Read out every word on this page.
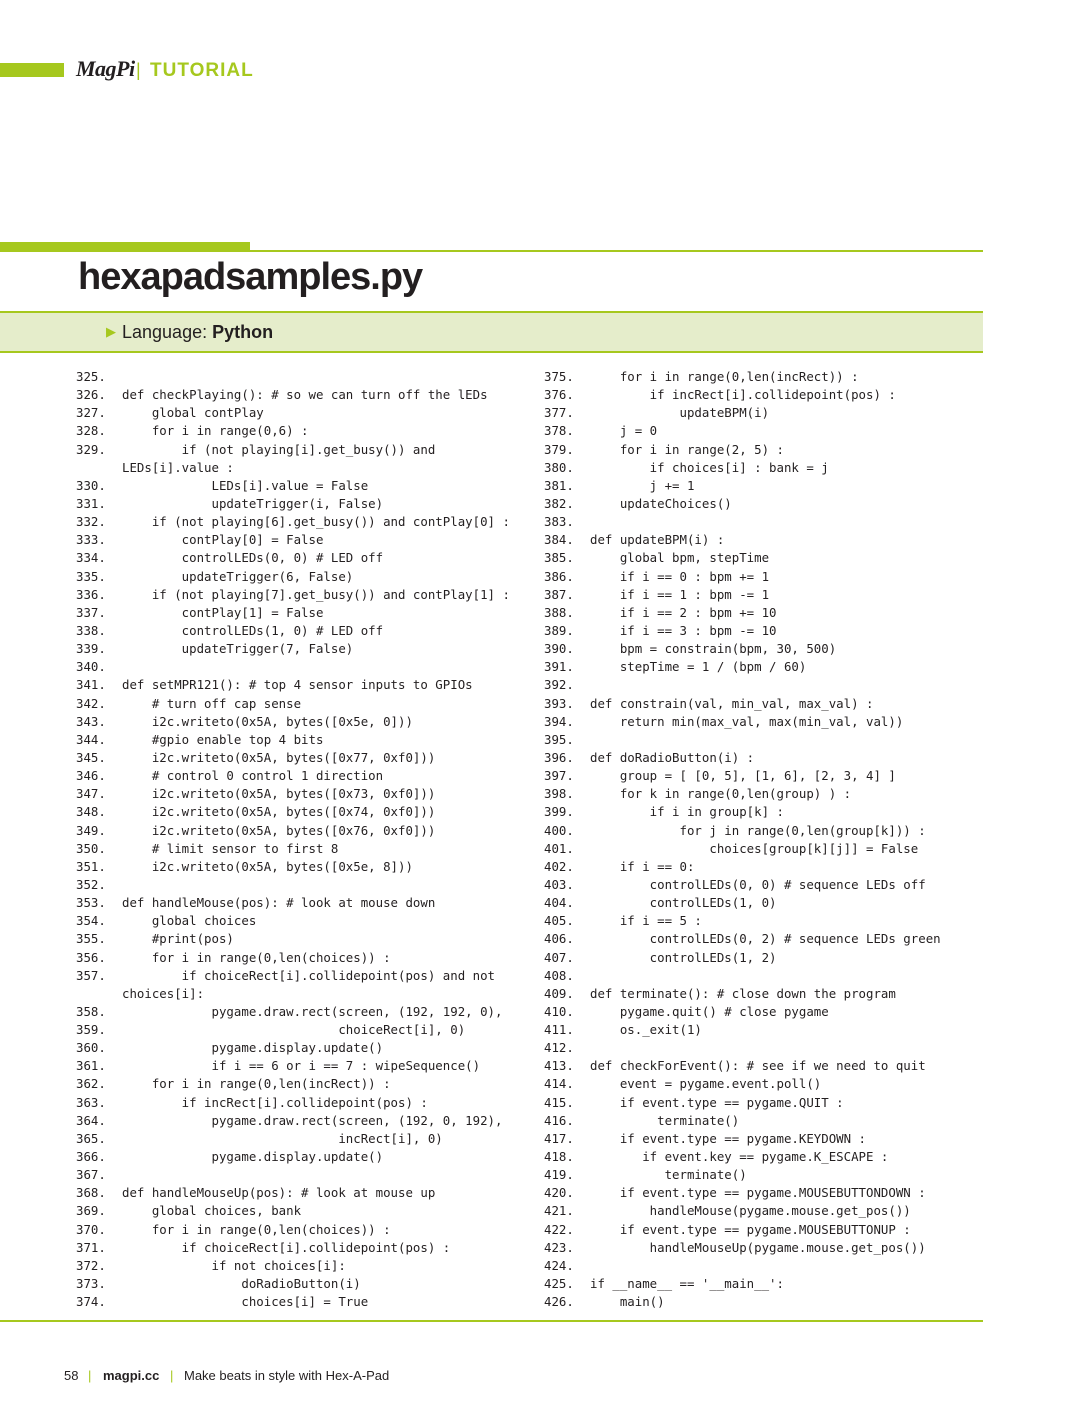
MagPi | TUTORIAL
hexapadsamples.py
▶ Language: Python
325.
326. def checkPlaying(): # so we can turn off the lEDs
327. global contPlay
328. for i in range(0,6) :
329. if (not playing[i].get_busy()) and
LEDs[i].value :
330. LEDs[i].value = False
331. updateTrigger(i, False)
332. if (not playing[6].get_busy()) and contPlay[0] :
333. contPlay[0] = False
334. controlLEDs(0, 0) # LED off
335. updateTrigger(6, False)
336. if (not playing[7].get_busy()) and contPlay[1] :
337. contPlay[1] = False
338. controlLEDs(1, 0) # LED off
339. updateTrigger(7, False)
340.
341. def setMPR121(): # top 4 sensor inputs to GPIOs
342. # turn off cap sense
343. i2c.writeto(0x5A, bytes([0x5e, 0]))
344. #gpio enable top 4 bits
345. i2c.writeto(0x5A, bytes([0x77, 0xf0]))
346. # control 0 control 1 direction
347. i2c.writeto(0x5A, bytes([0x73, 0xf0]))
348. i2c.writeto(0x5A, bytes([0x74, 0xf0]))
349. i2c.writeto(0x5A, bytes([0x76, 0xf0]))
350. # limit sensor to first 8
351. i2c.writeto(0x5A, bytes([0x5e, 8]))
352.
353. def handleMouse(pos): # look at mouse down
354. global choices
355. #print(pos)
356. for i in range(0,len(choices)) :
357. if choiceRect[i].collidepoint(pos) and not
choices[i]:
358. pygame.draw.rect(screen, (192, 192, 0),
359. choiceRect[i], 0)
360. pygame.display.update()
361. if i == 6 or i == 7 : wipeSequence()
362. for i in range(0,len(incRect)) :
363. if incRect[i].collidepoint(pos) :
364. pygame.draw.rect(screen, (192, 0, 192),
365. incRect[i], 0)
366. pygame.display.update()
367.
368. def handleMouseUp(pos): # look at mouse up
369. global choices, bank
370. for i in range(0,len(choices)) :
371. if choiceRect[i].collidepoint(pos) :
372. if not choices[i]:
373. doRadioButton(i)
374. choices[i] = True
375. for i in range(0,len(incRect)) :
376. if incRect[i].collidepoint(pos) :
377. updateBPM(i)
378. j = 0
379. for i in range(2, 5) :
380. if choices[i] : bank = j
381. j += 1
382. updateChoices()
383.
384. def updateBPM(i) :
385. global bpm, stepTime
386. if i == 0 : bpm += 1
387. if i == 1 : bpm -= 1
388. if i == 2 : bpm += 10
389. if i == 3 : bpm -= 10
390. bpm = constrain(bpm, 30, 500)
391. stepTime = 1 / (bpm / 60)
392.
393. def constrain(val, min_val, max_val) :
394. return min(max_val, max(min_val, val))
395.
396. def doRadioButton(i) :
397. group = [ [0, 5], [1, 6], [2, 3, 4] ]
398. for k in range(0,len(group) ) :
399. if i in group[k] :
400. for j in range(0,len(group[k])) :
401. choices[group[k][j]] = False
402. if i == 0:
403. controlLEDs(0, 0) # sequence LEDs off
404. controlLEDs(1, 0)
405. if i == 5 :
406. controlLEDs(0, 2) # sequence LEDs green
407. controlLEDs(1, 2)
408.
409. def terminate(): # close down the program
410. pygame.quit() # close pygame
411. os._exit(1)
412.
413. def checkForEvent(): # see if we need to quit
414. event = pygame.event.poll()
415. if event.type == pygame.QUIT :
416. terminate()
417. if event.type == pygame.KEYDOWN :
418. if event.key == pygame.K_ESCAPE :
419. terminate()
420. if event.type == pygame.MOUSEBUTTONDOWN :
421. handleMouse(pygame.mouse.get_pos())
422. if event.type == pygame.MOUSEBUTTONUP :
423. handleMouseUp(pygame.mouse.get_pos())
424.
425. if __name__ == '__main__':
426. main()
58 | magpi.cc | Make beats in style with Hex-A-Pad
